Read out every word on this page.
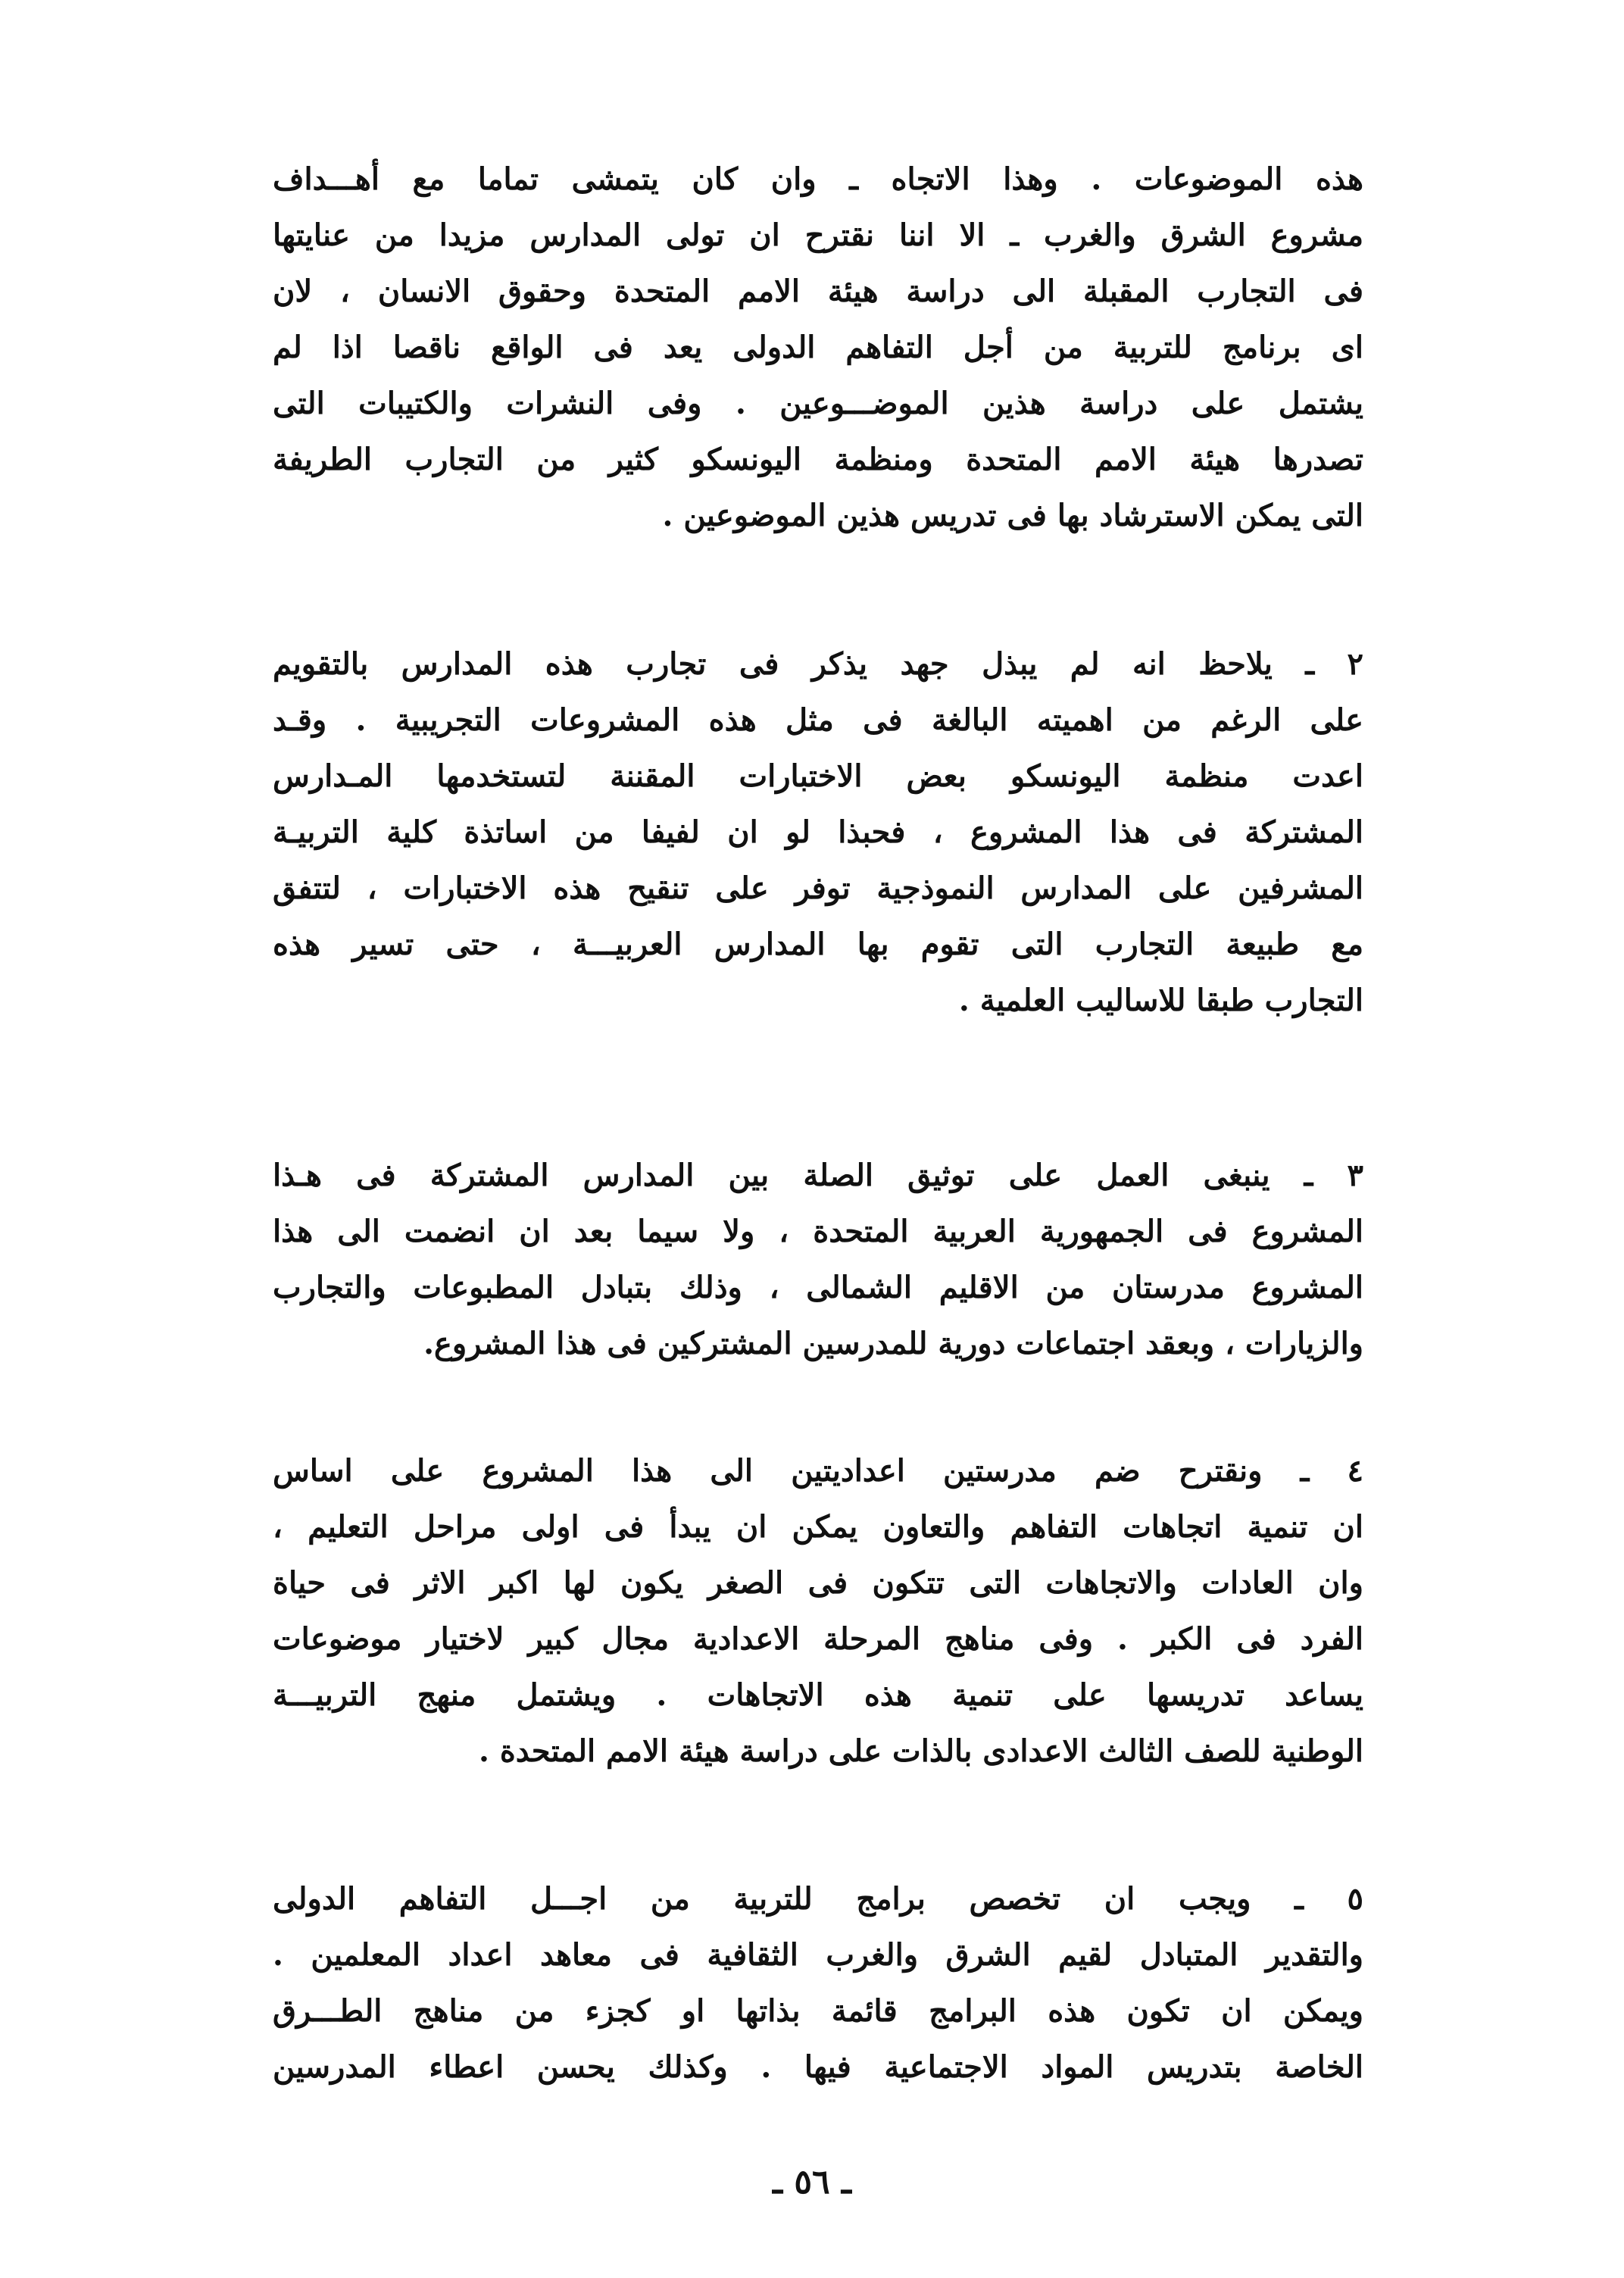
هذه الموضوعات . وهذا الاتجاه ـ وان كان يتمشى تماما مع أهـــداف
مشروع الشرق والغرب ـ الا اننا نقترح ان تولى المدارس مزيدا من عنايتها
فى التجارب المقبلة الى دراسة هيئة الامم المتحدة وحقوق الانسان ، لان
اى برنامج للتربية من أجل التفاهم الدولى يعد فى الواقع ناقصا اذا لم
يشتمل على دراسة هذين الموضـــوعين . وفى النشرات والكتيبات التى
تصدرها هيئة الامم المتحدة ومنظمة اليونسكو كثير من التجارب الطريفة
التى يمكن الاسترشاد بها فى تدريس هذين الموضوعين .
٢ ـ يلاحظ انه لم يبذل جهد يذكر فى تجارب هذه المدارس بالتقويم
على الرغم من اهميته البالغة فى مثل هذه المشروعات التجريبية . وقـد
اعدت منظمة اليونسكو بعض الاختبارات المقننة لتستخدمها المـدارس
المشتركة فى هذا المشروع ، فحبذا لو ان لفيفا من اساتذة كلية التربيـة
المشرفين على المدارس النموذجية توفر على تنقيح هذه الاختبارات ، لتتفق
مع طبيعة التجارب التى تقوم بها المدارس العربيـــة ، حتى تسير هذه
التجارب طبقا للاساليب العلمية .
٣ ـ ينبغى العمل على توثيق الصلة بين المدارس المشتركة فى هـذا
المشروع فى الجمهورية العربية المتحدة ، ولا سيما بعد ان انضمت الى هذا
المشروع مدرستان من الاقليم الشمالى ، وذلك بتبادل المطبوعات والتجارب
والزيارات ، وبعقد اجتماعات دورية للمدرسين المشتركين فى هذا المشروع.
٤ ـ ونقترح ضم مدرستين اعداديتين الى هذا المشروع على اساس
ان تنمية اتجاهات التفاهم والتعاون يمكن ان يبدأ فى اولى مراحل التعليم ،
وان العادات والاتجاهات التى تتكون فى الصغر يكون لها اكبر الاثر فى حياة
الفرد فى الكبر . وفى مناهج المرحلة الاعدادية مجال كبير لاختيار موضوعات
يساعد تدريسها على تنمية هذه الاتجاهات . ويشتمل منهج التربيـــة
الوطنية للصف الثالث الاعدادى بالذات على دراسة هيئة الامم المتحدة .
٥ ـ ويجب ان تخصص برامج للتربية من اجـــل التفاهم الدولى
والتقدير المتبادل لقيم الشرق والغرب الثقافية فى معاهد اعداد المعلمين .
ويمكن ان تكون هذه البرامج قائمة بذاتها او كجزء من مناهج الطـــرق
الخاصة بتدريس المواد الاجتماعية فيها . وكذلك يحسن اعطاء المدرسين
ـ ٥٦ ـ
